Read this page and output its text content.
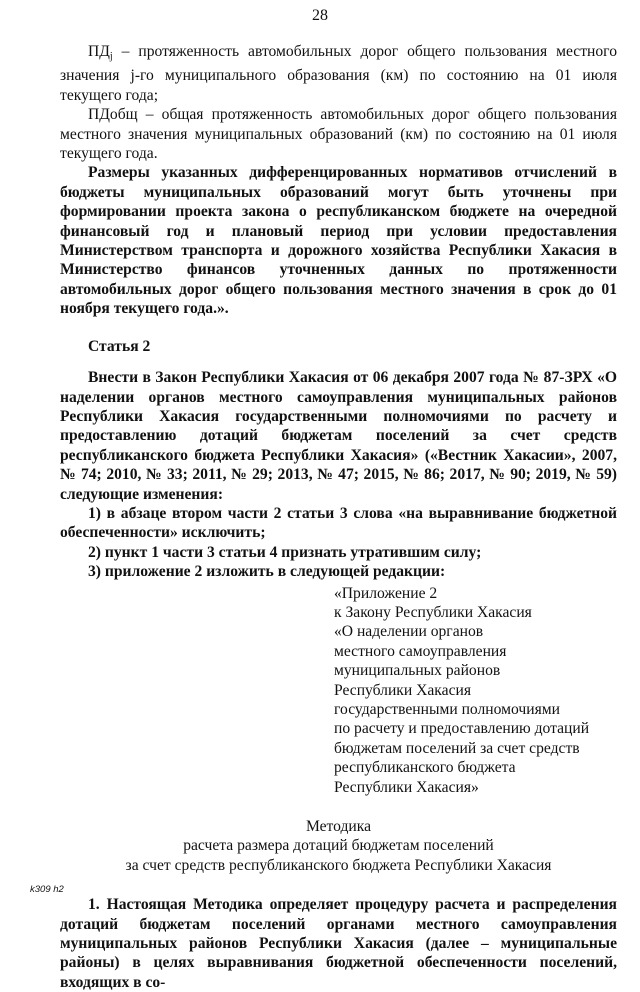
28

$ПД_j$ – протяженность автомобильных дорог общего пользования местного значения j-го муниципального образования (км) по состоянию на 01 июля текущего года;

ПДобщ – общая протяженность автомобильных дорог общего пользования местного значения муниципальных образований (км) по состоянию на 01 июля текущего года.

Размеры указанных дифференцированных нормативов отчислений в бюджеты муниципальных образований могут быть уточнены при формировании проекта закона о республиканском бюджете на очередной финансовый год и плановый период при условии предоставления Министерством транспорта и дорожного хозяйства Республики Хакасия в Министерство финансов уточненных данных по протяженности автомобильных дорог общего пользования местного значения в срок до 01 ноября текущего года.».

Статья 2

Внести в Закон Республики Хакасия от 06 декабря 2007 года № 87-ЗРХ «О наделении органов местного самоуправления муниципальных районов Республики Хакасия государственными полномочиями по расчету и предоставлению дотаций бюджетам поселений за счет средств республиканского бюджета Республики Хакасия» («Вестник Хакасии», 2007, № 74; 2010, № 33; 2011, № 29; 2013, № 47; 2015, № 86; 2017, № 90; 2019, № 59) следующие изменения:

1) в абзаце втором части 2 статьи 3 слова «на выравнивание бюджетной обеспеченности» исключить;

2) пункт 1 части 3 статьи 4 признать утратившим силу;

3) приложение 2 изложить в следующей редакции:

«Приложение 2
к Закону Республики Хакасия
«О наделении органов
местного самоуправления
муниципальных районов
Республики Хакасия
государственными полномочиями
по расчету и предоставлению дотаций
бюджетам поселений за счет средств
республиканского бюджета
Республики Хакасия»

Методика

расчета размера дотаций бюджетам поселений

за счет средств республиканского бюджета Республики Хакасия

1. Настоящая Методика определяет процедуру расчета и распределения дотаций бюджетам поселений органами местного самоуправления муниципальных районов Республики Хакасия (далее – муниципальные районы) в целях выравнивания бюджетной обеспеченности поселений, входящих в со-

k309 h2
